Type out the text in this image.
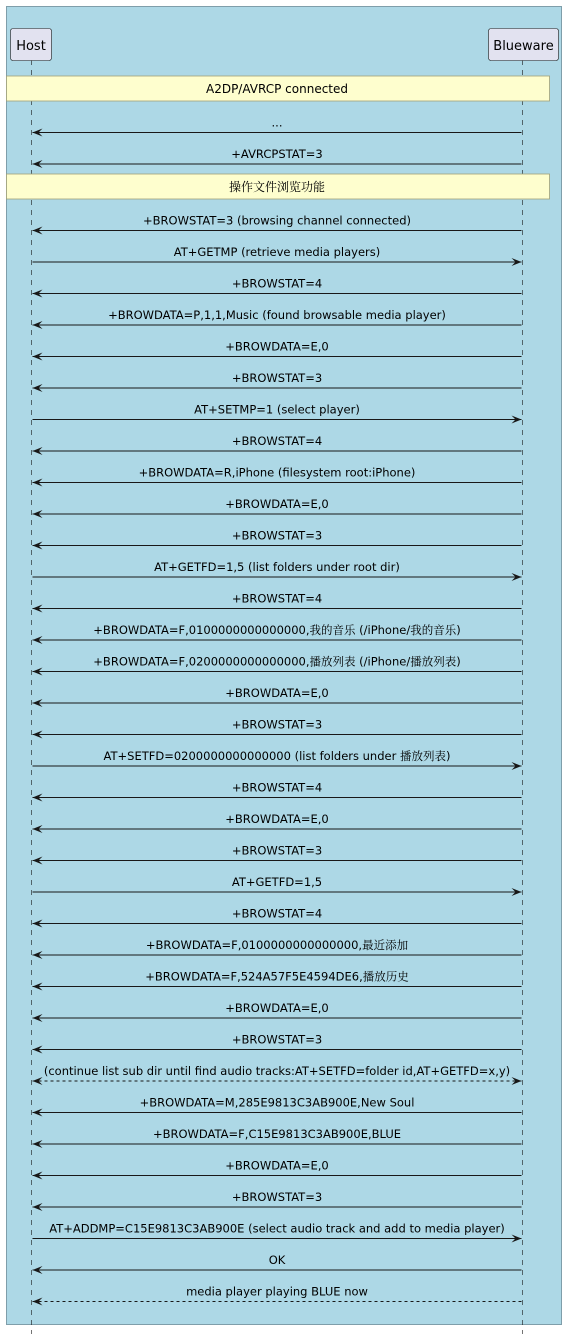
Host	Blueware
A2DP/AVRCP connected
...
+AVRCPSTAT=3
操作文件浏览功能
+BROWSTAT=3 (browsing channel connected)
AT+GETMP (retrieve media players)
+BROWSTAT=4
+BROWDATA=P,1,1,Music (found browsable media player)
+BROWDATA=E,0
+BROWSTAT=3
AT+SETMP=1 (select player)
+BROWSTAT=4
+BROWDATA=R,iPhone (filesystem root:iPhone)
+BROWDATA=E,0
+BROWSTAT=3
AT+GETFD=1,5 (list folders under root dir)
+BROWSTAT=4
+BROWDATA=F,0100000000000000,我的音乐 (/iPhone/我的音乐)
+BROWDATA=F,0200000000000000,播放列表 (/iPhone/播放列表)
+BROWDATA=E,0
+BROWSTAT=3
AT+SETFD=0200000000000000 (list folders under 播放列表)
+BROWSTAT=4
+BROWDATA=E,0
+BROWSTAT=3
AT+GETFD=1,5
+BROWSTAT=4
+BROWDATA=F,0100000000000000,最近添加
+BROWDATA=F,524A57F5E4594DE6,播放历史
+BROWDATA=E,0
+BROWSTAT=3
(continue list sub dir until find audio tracks:AT+SETFD=folder id,AT+GETFD=x,y)
+BROWDATA=M,285E9813C3AB900E,New Soul
+BROWDATA=F,C15E9813C3AB900E,BLUE
+BROWDATA=E,0
+BROWSTAT=3
AT+ADDMP=C15E9813C3AB900E (select audio track and add to media player)
OK
media player playing BLUE now
